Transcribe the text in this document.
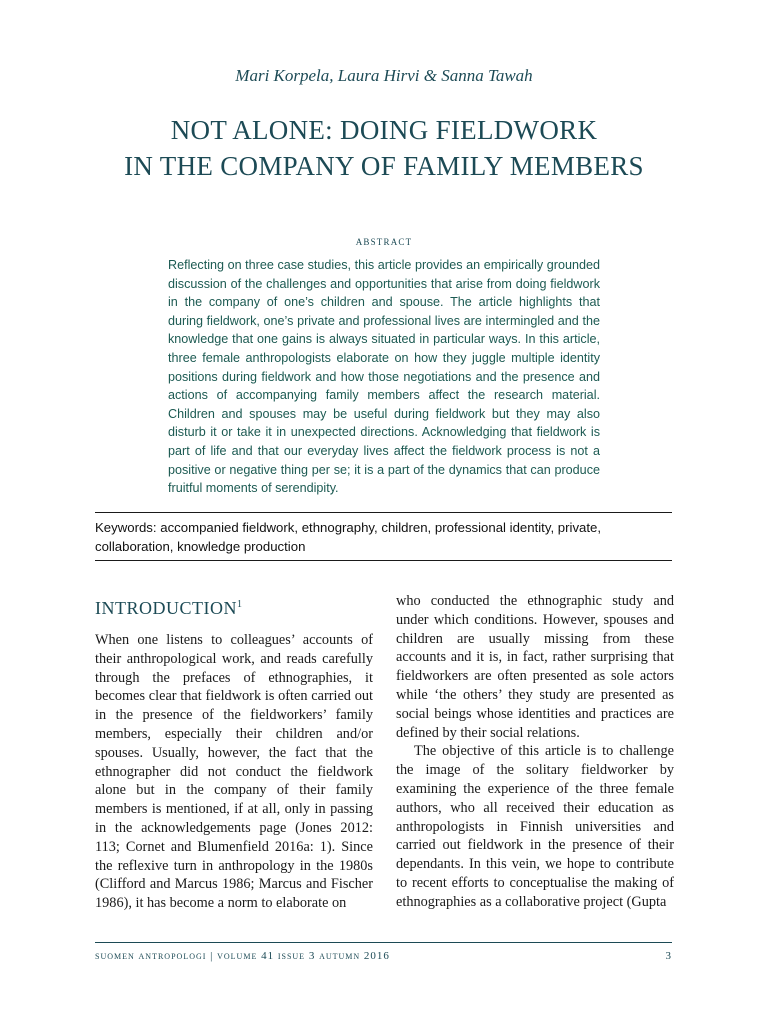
Mari Korpela, Laura Hirvi & Sanna Tawah
NOT ALONE: DOING FIELDWORK
IN THE COMPANY OF FAMILY MEMBERS
abstract
Reflecting on three case studies, this article provides an empirically grounded discussion of the challenges and opportunities that arise from doing fieldwork in the company of one’s children and spouse. The article highlights that during fieldwork, one’s private and professional lives are intermingled and the knowledge that one gains is always situated in particular ways. In this article, three female anthropologists elaborate on how they juggle multiple identity positions during fieldwork and how those negotiations and the presence and actions of accompanying family members affect the research material. Children and spouses may be useful during fieldwork but they may also disturb it or take it in unexpected directions. Acknowledging that fieldwork is part of life and that our everyday lives affect the fieldwork process is not a positive or negative thing per se; it is a part of the dynamics that can produce fruitful moments of serendipity.
Keywords: accompanied fieldwork, ethnography, children, professional identity, private, collaboration, knowledge production
INTRODUCTION$^1$

When one listens to colleagues’ accounts of their anthropological work, and reads carefully through the prefaces of ethnographies, it becomes clear that fieldwork is often carried out in the presence of the fieldworkers’ family members, especially their children and/or spouses. Usually, however, the fact that the ethnographer did not conduct the fieldwork alone but in the company of their family members is mentioned, if at all, only in passing in the acknowledgements page (Jones 2012: 113; Cornet and Blumenfield 2016a: 1). Since the reflexive turn in anthropology in the 1980s (Clifford and Marcus 1986; Marcus and Fischer 1986), it has become a norm to elaborate on

who conducted the ethnographic study and under which conditions. However, spouses and children are usually missing from these accounts and it is, in fact, rather surprising that fieldworkers are often presented as sole actors while ‘the others’ they study are presented as social beings whose identities and practices are defined by their social relations.

The objective of this article is to challenge the image of the solitary fieldworker by examining the experience of the three female authors, who all received their education as anthropologists in Finnish universities and carried out fieldwork in the presence of their dependants. In this vein, we hope to contribute to recent efforts to conceptualise the making of ethnographies as a collaborative project (Gupta

suomen antropologi | volume 41 issue 3 autumn 2016	3
